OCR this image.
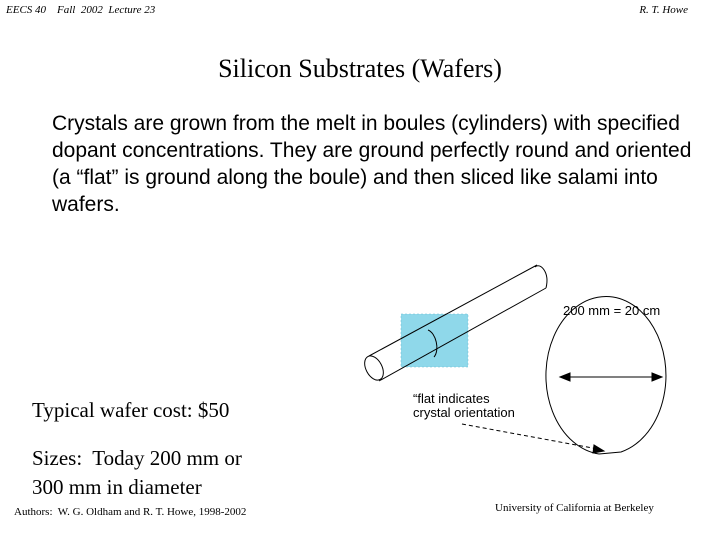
EECS 40    Fall  2002  Lecture 23	R. T. Howe
Silicon Substrates (Wafers)

Crystals are grown from the melt in boules (cylinders) with specified dopant concentrations. They are ground perfectly round and oriented (a “flat” is ground along the boule) and then sliced like salami into wafers.

200 mm = 20 cm
“flat indicates
crystal orientation
Typical wafer cost: $50
Sizes:  Today 200 mm or
300 mm in diameter
Authors:  W. G. Oldham and R. T. Howe, 1998-2002	University of California at Berkeley
